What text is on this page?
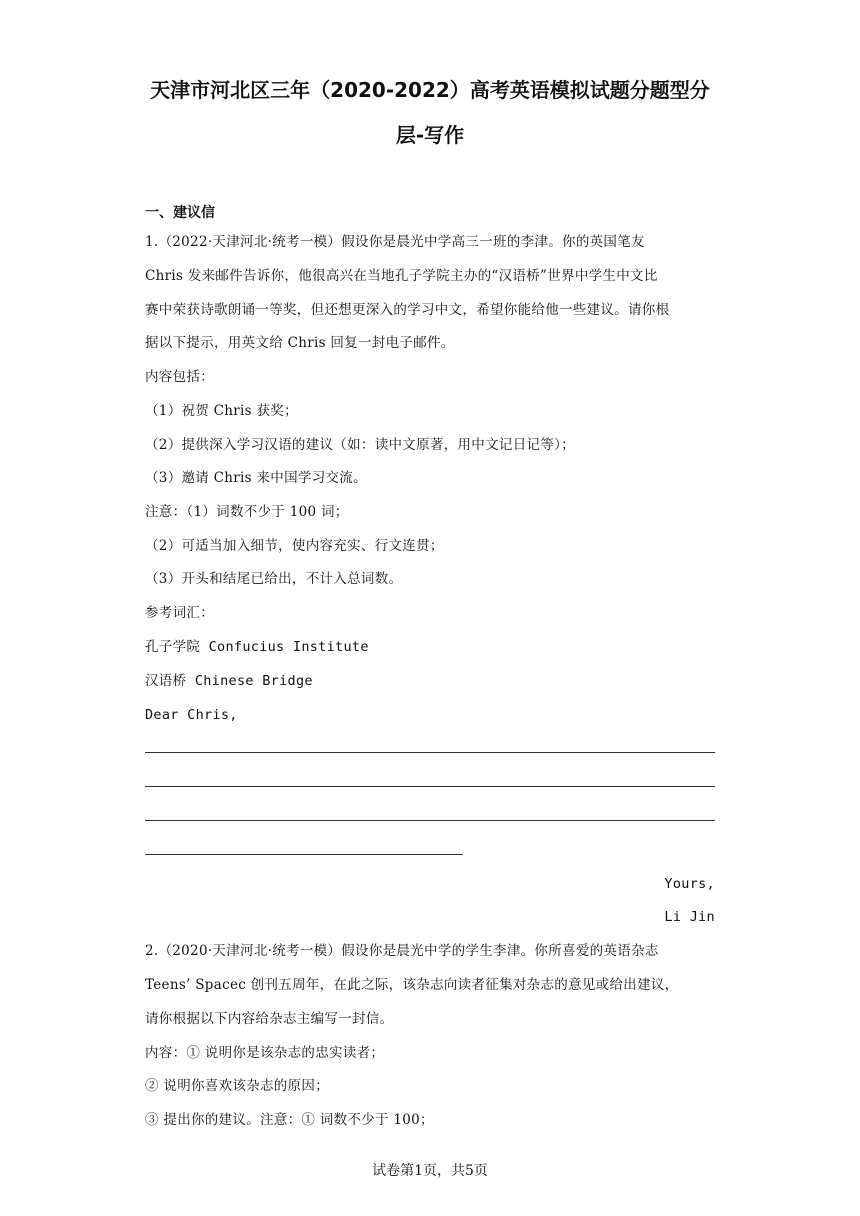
天津市河北区三年（2020-2022）高考英语模拟试题分题型分
层-写作
一、建议信
1.（2022·天津河北·统考一模）假设你是晨光中学高三一班的李津。你的英国笔友
Chris 发来邮件告诉你，他很高兴在当地孔子学院主办的“汉语桥”世界中学生中文比
赛中荣获诗歌朗诵一等奖，但还想更深入的学习中文，希望你能给他一些建议。请你根
据以下提示，用英文给 Chris 回复一封电子邮件。
内容包括：
（1）祝贺 Chris 获奖；
（2）提供深入学习汉语的建议（如：读中文原著，用中文记日记等）；
（3）邀请 Chris 来中国学习交流。
注意：（1）词数不少于 100 词；
（2）可适当加入细节，使内容充实、行文连贯；
（3）开头和结尾已给出，不计入总词数。
参考词汇：
孔子学院 Confucius Institute
汉语桥 Chinese Bridge
Dear Chris,
Yours,
Li Jin
2.（2020·天津河北·统考一模）假设你是晨光中学的学生李津。你所喜爱的英语杂志
Teens’ Spacec 创刊五周年，在此之际，该杂志向读者征集对杂志的意见或给出建议，
请你根据以下内容给杂志主编写一封信。
内容：① 说明你是该杂志的忠实读者；
② 说明你喜欢该杂志的原因；
③ 提出你的建议。注意：① 词数不少于 100；
试卷第1页，共5页
